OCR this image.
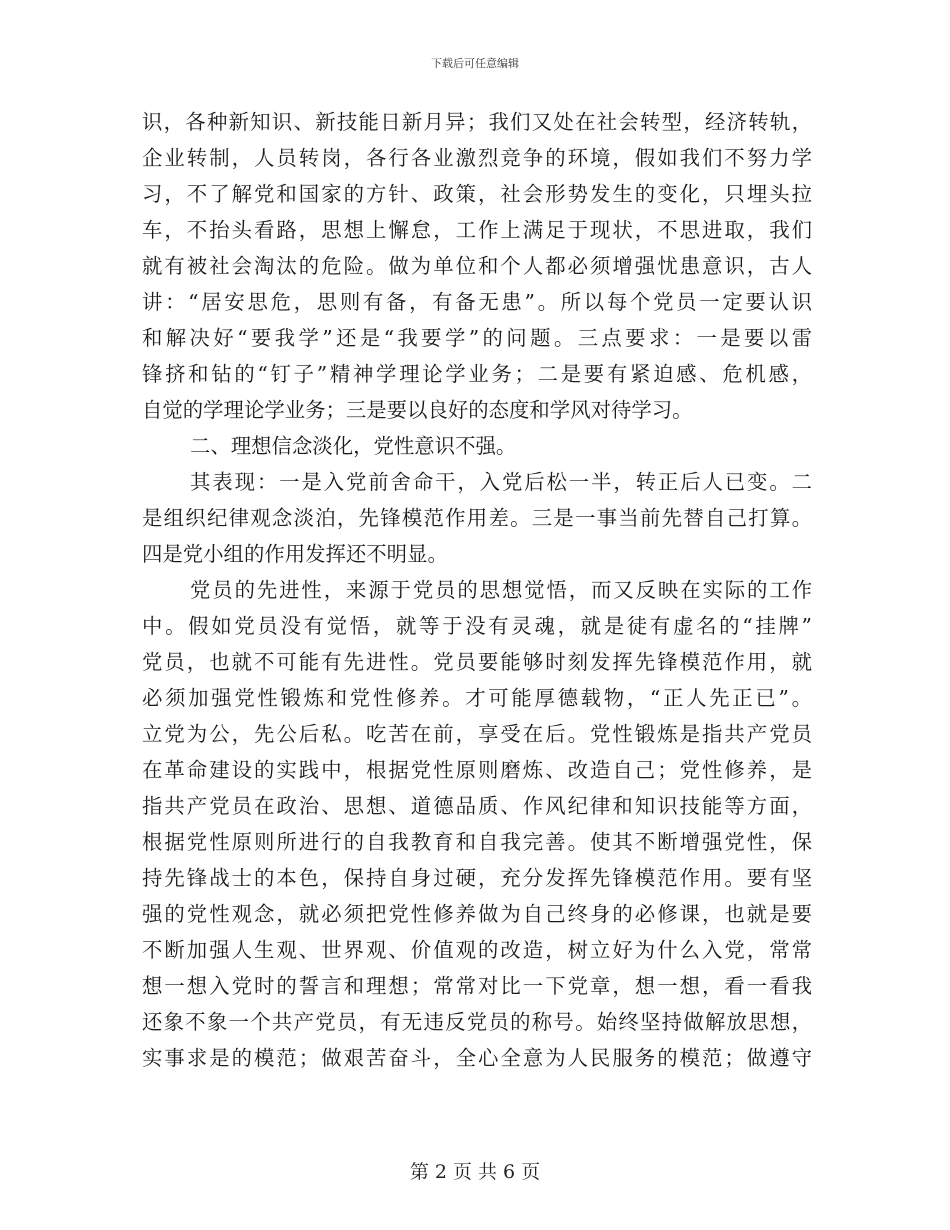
下载后可任意编辑
识，各种新知识、新技能日新月异；我们又处在社会转型，经济转轨，
企业转制，人员转岗，各行各业激烈竞争的环境，假如我们不努力学
习，不了解党和国家的方针、政策，社会形势发生的变化，只埋头拉
车，不抬头看路，思想上懈怠，工作上满足于现状，不思进取，我们
就有被社会淘汰的危险。做为单位和个人都必须增强忧患意识，古人
讲：“居安思危，思则有备，有备无患”。所以每个党员一定要认识
和解决好“要我学”还是“我要学”的问题。三点要求：一是要以雷
锋挤和钻的“钉子”精神学理论学业务；二是要有紧迫感、危机感，
自觉的学理论学业务；三是要以良好的态度和学风对待学习。
二、理想信念淡化，党性意识不强。
其表现：一是入党前舍命干，入党后松一半，转正后人已变。二
是组织纪律观念淡泊，先锋模范作用差。三是一事当前先替自己打算。
四是党小组的作用发挥还不明显。
党员的先进性，来源于党员的思想觉悟，而又反映在实际的工作
中。假如党员没有觉悟，就等于没有灵魂，就是徒有虚名的“挂牌”
党员，也就不可能有先进性。党员要能够时刻发挥先锋模范作用，就
必须加强党性锻炼和党性修养。才可能厚德载物，“正人先正已”。
立党为公，先公后私。吃苦在前，享受在后。党性锻炼是指共产党员
在革命建设的实践中，根据党性原则磨炼、改造自己；党性修养，是
指共产党员在政治、思想、道德品质、作风纪律和知识技能等方面，
根据党性原则所进行的自我教育和自我完善。使其不断增强党性，保
持先锋战士的本色，保持自身过硬，充分发挥先锋模范作用。要有坚
强的党性观念，就必须把党性修养做为自己终身的必修课，也就是要
不断加强人生观、世界观、价值观的改造，树立好为什么入党，常常
想一想入党时的誓言和理想；常常对比一下党章，想一想，看一看我
还象不象一个共产党员，有无违反党员的称号。始终坚持做解放思想，
实事求是的模范；做艰苦奋斗，全心全意为人民服务的模范；做遵守
第 2 页 共 6 页
